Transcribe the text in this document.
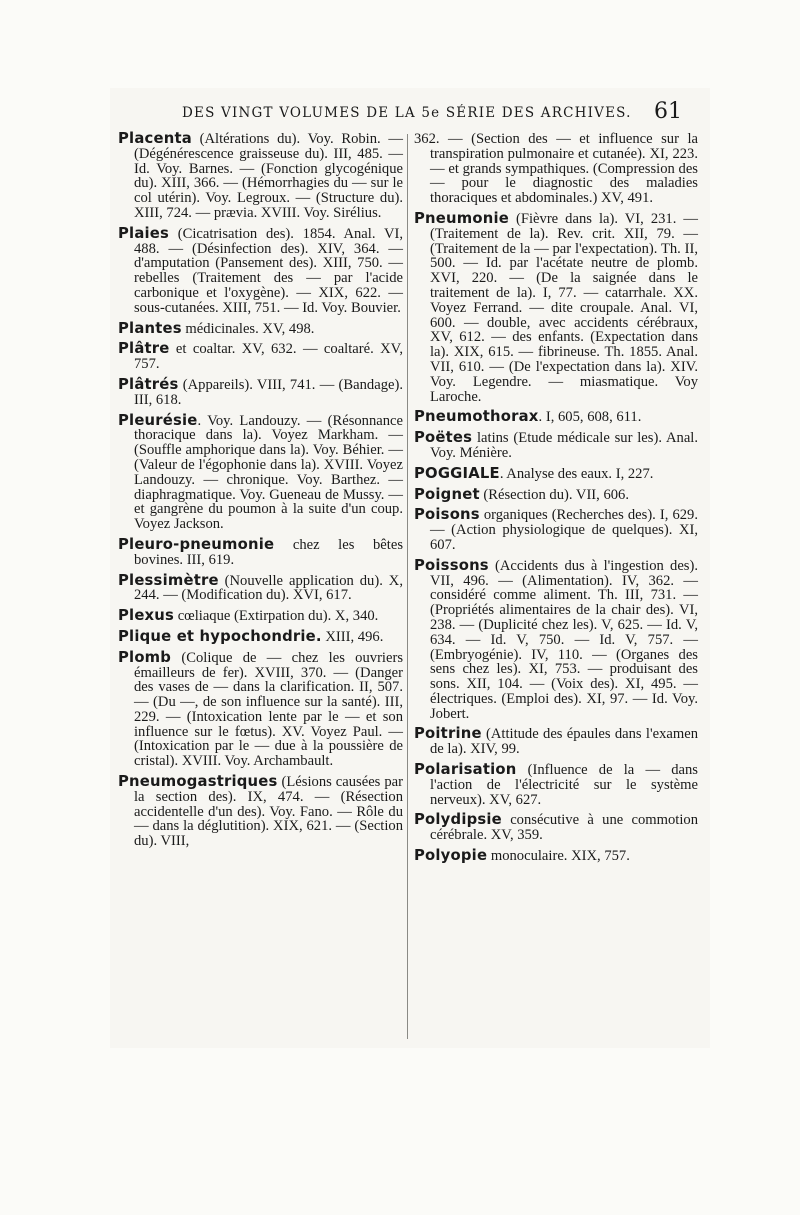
DES VINGT VOLUMES DE LA 5e SÉRIE DES ARCHIVES. 61

Placenta (Altérations du). Voy. Robin. — (Dégénérescence graisseuse du). III, 485. — Id. Voy. Barnes. — (Fonction glycogénique du). XIII, 366. — (Hémorrhagies du — sur le col utérin). Voy. Legroux. — (Structure du). XIII, 724. — prævia. XVIII. Voy. Sirélius.

Plaies (Cicatrisation des). 1854. Anal. VI, 488. — (Désinfection des). XIV, 364. — d'amputation (Pansement des). XIII, 750. — rebelles (Traitement des — par l'acide carbonique et l'oxygène). — XIX, 622. — sous-cutanées. XIII, 751. — Id. Voy. Bouvier.

Plantes médicinales. XV, 498.

Plâtre et coaltar. XV, 632. — coaltaré. XV, 757.

Plâtrés (Appareils). VIII, 741. — (Bandage). III, 618.

Pleurésie. Voy. Landouzy. — (Résonnance thoracique dans la). Voyez Markham. — (Souffle amphorique dans la). Voy. Béhier. — (Valeur de l'égophonie dans la). XVIII. Voyez Landouzy. — chronique. Voy. Barthez. — diaphragmatique. Voy. Gueneau de Mussy. — et gangrène du poumon à la suite d'un coup. Voyez Jackson.

Pleuro-pneumonie chez les bêtes bovines. III, 619.

Plessimètre (Nouvelle application du). X, 244. — (Modification du). XVI, 617.

Plexus cœliaque (Extirpation du). X, 340.

Plique et hypochondrie. XIII, 496.

Plomb (Colique de — chez les ouvriers émailleurs de fer). XVIII, 370. — (Danger des vases de — dans la clarification. II, 507. — (Du —, de son influence sur la santé). III, 229. — (Intoxication lente par le — et son influence sur le fœtus). XV. Voyez Paul. — (Intoxication par le — due à la poussière de cristal). XVIII. Voy. Archambault.

Pneumogastriques (Lésions causées par la section des). IX, 474. — (Résection accidentelle d'un des). Voy. Fano. — Rôle du — dans la déglutition). XIX, 621. — (Section du). VIII,

362. — (Section des — et influence sur la transpiration pulmonaire et cutanée). XI, 223. — et grands sympathiques. (Compression des — pour le diagnostic des maladies thoraciques et abdominales.) XV, 491.

Pneumonie (Fièvre dans la). VI, 231. — (Traitement de la). Rev. crit. XII, 79. — (Traitement de la — par l'expectation). Th. II, 500. — Id. par l'acétate neutre de plomb. XVI, 220. — (De la saignée dans le traitement de la). I, 77. — catarrhale. XX. Voyez Ferrand. — dite croupale. Anal. VI, 600. — double, avec accidents cérébraux, XV, 612. — des enfants. (Expectation dans la). XIX, 615. — fibrineuse. Th. 1855. Anal. VII, 610. — (De l'expectation dans la). XIV. Voy. Legendre. — miasmatique. Voy Laroche.

Pneumothorax. I, 605, 608, 611.

Poëtes latins (Etude médicale sur les). Anal. Voy. Ménière.

POGGIALE. Analyse des eaux. I, 227.

Poignet (Résection du). VII, 606.

Poisons organiques (Recherches des). I, 629. — (Action physiologique de quelques). XI, 607.

Poissons (Accidents dus à l'ingestion des). VII, 496. — (Alimentation). IV, 362. — considéré comme aliment. Th. III, 731. — (Propriétés alimentaires de la chair des). VI, 238. — (Duplicité chez les). V, 625. — Id. V, 634. — Id. V, 750. — Id. V, 757. — (Embryogénie). IV, 110. — (Organes des sens chez les). XI, 753. — produisant des sons. XII, 104. — (Voix des). XI, 495. — électriques. (Emploi des). XI, 97. — Id. Voy. Jobert.

Poitrine (Attitude des épaules dans l'examen de la). XIV, 99.

Polarisation (Influence de la — dans l'action de l'électricité sur le système nerveux). XV, 627.

Polydipsie consécutive à une commotion cérébrale. XV, 359.

Polyopie monoculaire. XIX, 757.
